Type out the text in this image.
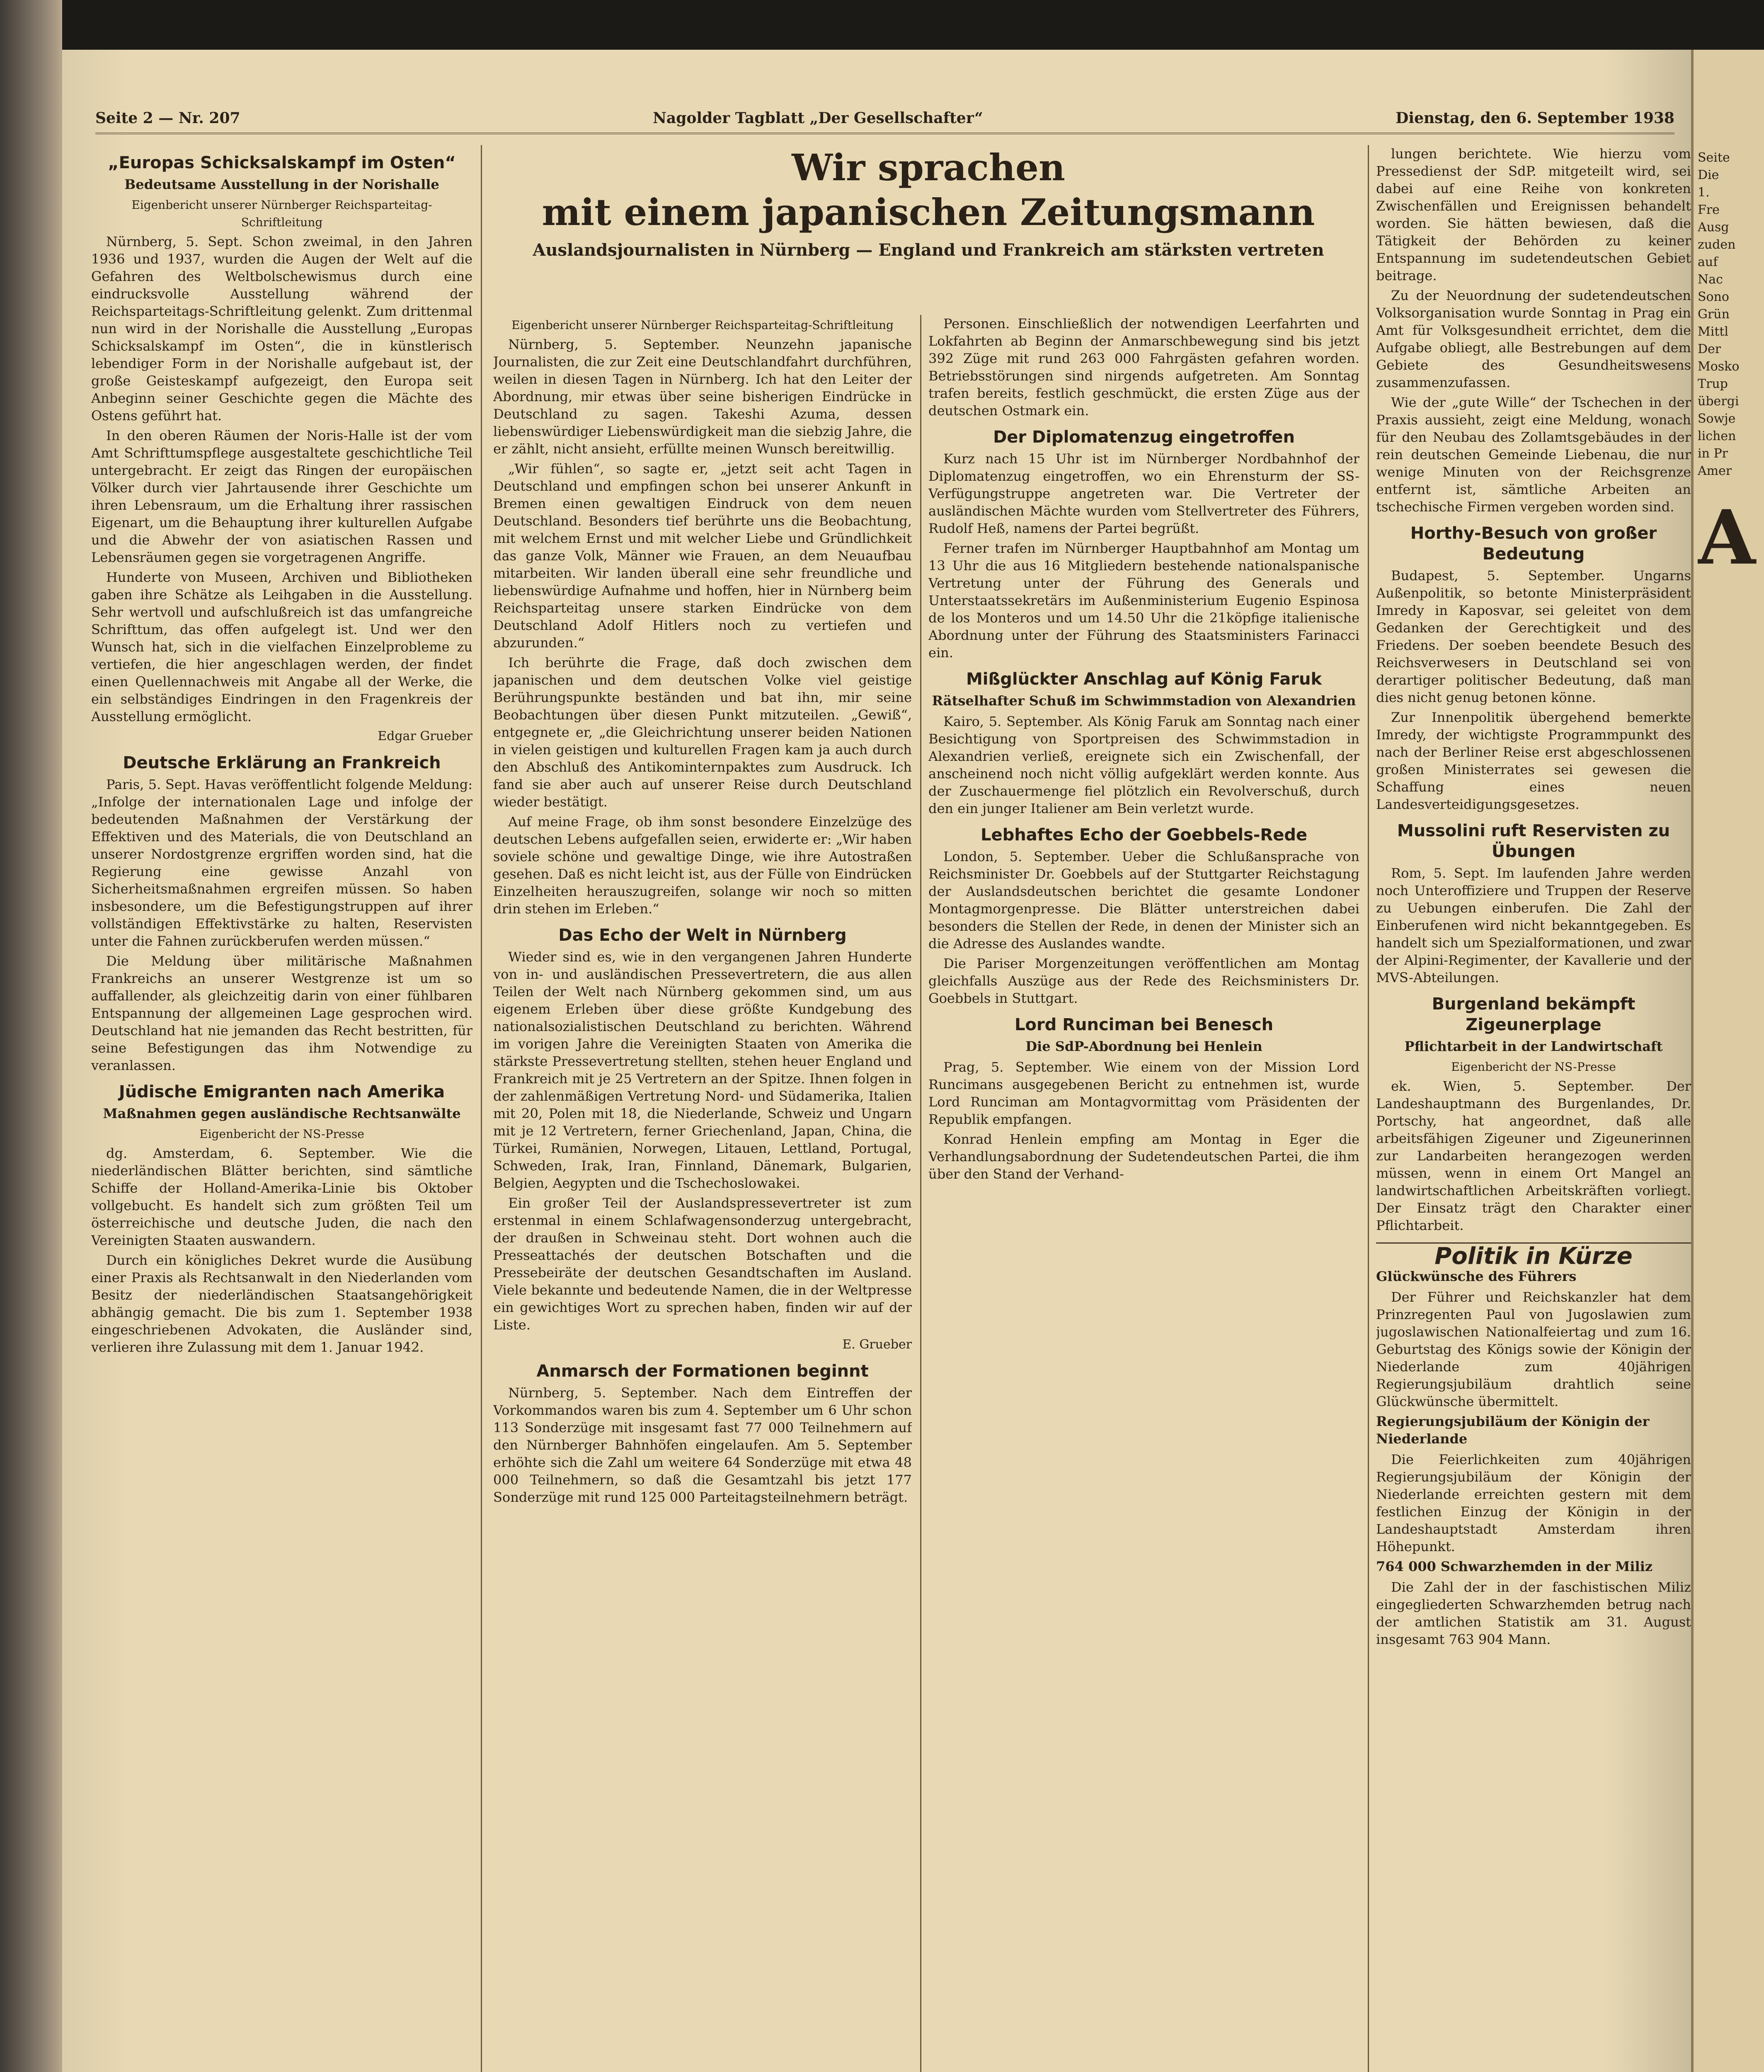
Seite 2 — Nr. 207	Nagolder Tagblatt „Der Gesellschafter“	Dienstag, den 6. September 1938
„Europas Schicksalskampf im Osten“
Bedeutsame Ausstellung in der Norishalle
Eigenbericht unserer Nürnberger Reichsparteitag-Schriftleitung

Nürnberg, 5. Sept. Schon zweimal, in den Jahren 1936 und 1937, wurden die Augen der Welt auf die Gefahren des Weltbolschewismus durch eine eindrucksvolle Ausstellung während der Reichsparteitags-Schriftleitung gelenkt. Zum drittenmal nun wird in der Norishalle die Ausstellung „Europas Schicksalskampf im Osten“, die in künstlerisch lebendiger Form in der Norishalle aufgebaut ist, der große Geisteskampf aufgezeigt, den Europa seit Anbeginn seiner Geschichte gegen die Mächte des Ostens geführt hat.

In den oberen Räumen der Noris-Halle ist der vom Amt Schrifttumspflege ausgestaltete geschichtliche Teil untergebracht. Er zeigt das Ringen der europäischen Völker durch vier Jahrtausende ihrer Geschichte um ihren Lebensraum, um die Erhaltung ihrer rassischen Eigenart, um die Behauptung ihrer kulturellen Aufgabe und die Abwehr der von asiatischen Rassen und Lebensräumen gegen sie vorgetragenen Angriffe.

Hunderte von Museen, Archiven und Bibliotheken gaben ihre Schätze als Leihgaben in die Ausstellung. Sehr wertvoll und aufschlußreich ist das umfangreiche Schrifttum, das offen aufgelegt ist. Und wer den Wunsch hat, sich in die vielfachen Einzelprobleme zu vertiefen, die hier angeschlagen werden, der findet einen Quellennachweis mit Angabe all der Werke, die ein selbständiges Eindringen in den Fragenkreis der Ausstellung ermöglicht.

Edgar Grueber
Deutsche Erklärung an Frankreich

Paris, 5. Sept. Havas veröffentlicht folgende Meldung: „Infolge der internationalen Lage und infolge der bedeutenden Maßnahmen der Verstärkung der Effektiven und des Materials, die von Deutschland an unserer Nordostgrenze ergriffen worden sind, hat die Regierung eine gewisse Anzahl von Sicherheitsmaßnahmen ergreifen müssen. So haben insbesondere, um die Befestigungstruppen auf ihrer vollständigen Effektivstärke zu halten, Reservisten unter die Fahnen zurückberufen werden müssen.“

Die Meldung über militärische Maßnahmen Frankreichs an unserer Westgrenze ist um so auffallender, als gleichzeitig darin von einer fühlbaren Entspannung der allgemeinen Lage gesprochen wird. Deutschland hat nie jemanden das Recht bestritten, für seine Befestigungen das ihm Notwendige zu veranlassen.

Jüdische Emigranten nach Amerika
Maßnahmen gegen ausländische Rechtsanwälte
Eigenbericht der NS-Presse

dg. Amsterdam, 6. September. Wie die niederländischen Blätter berichten, sind sämtliche Schiffe der Holland-Amerika-Linie bis Oktober vollgebucht. Es handelt sich zum größten Teil um österreichische und deutsche Juden, die nach den Vereinigten Staaten auswandern.

Durch ein königliches Dekret wurde die Ausübung einer Praxis als Rechtsanwalt in den Niederlanden vom Besitz der niederländischen Staatsangehörigkeit abhängig gemacht. Die bis zum 1. September 1938 eingeschriebenen Advokaten, die Ausländer sind, verlieren ihre Zulassung mit dem 1. Januar 1942.

Wir sprachen
mit einem japanischen Zeitungsmann
Auslandsjournalisten in Nürnberg — England und Frankreich am stärksten vertreten
Eigenbericht unserer Nürnberger Reichsparteitag-Schriftleitung

Nürnberg, 5. September. Neunzehn japanische Journalisten, die zur Zeit eine Deutschlandfahrt durchführen, weilen in diesen Tagen in Nürnberg. Ich hat den Leiter der Abordnung, mir etwas über seine bisherigen Eindrücke in Deutschland zu sagen. Takeshi Azuma, dessen liebenswürdiger Liebenswürdigkeit man die siebzig Jahre, die er zählt, nicht ansieht, erfüllte meinen Wunsch bereitwillig.

„Wir fühlen“, so sagte er, „jetzt seit acht Tagen in Deutschland und empfingen schon bei unserer Ankunft in Bremen einen gewaltigen Eindruck von dem neuen Deutschland. Besonders tief berührte uns die Beobachtung, mit welchem Ernst und mit welcher Liebe und Gründlichkeit das ganze Volk, Männer wie Frauen, an dem Neuaufbau mitarbeiten. Wir landen überall eine sehr freundliche und liebenswürdige Aufnahme und hoffen, hier in Nürnberg beim Reichsparteitag unsere starken Eindrücke von dem Deutschland Adolf Hitlers noch zu vertiefen und abzurunden.“

Ich berührte die Frage, daß doch zwischen dem japanischen und dem deutschen Volke viel geistige Berührungspunkte beständen und bat ihn, mir seine Beobachtungen über diesen Punkt mitzuteilen. „Gewiß“, entgegnete er, „die Gleichrichtung unserer beiden Nationen in vielen geistigen und kulturellen Fragen kam ja auch durch den Abschluß des Antikominternpaktes zum Ausdruck. Ich fand sie aber auch auf unserer Reise durch Deutschland wieder bestätigt.

Auf meine Frage, ob ihm sonst besondere Einzelzüge des deutschen Lebens aufgefallen seien, erwiderte er: „Wir haben soviele schöne und gewaltige Dinge, wie ihre Autostraßen gesehen. Daß es nicht leicht ist, aus der Fülle von Eindrücken Einzelheiten herauszugreifen, solange wir noch so mitten drin stehen im Erleben.“

Das Echo der Welt in Nürnberg

Wieder sind es, wie in den vergangenen Jahren Hunderte von in- und ausländischen Pressevertretern, die aus allen Teilen der Welt nach Nürnberg gekommen sind, um aus eigenem Erleben über diese größte Kundgebung des nationalsozialistischen Deutschland zu berichten. Während im vorigen Jahre die Vereinigten Staaten von Amerika die stärkste Pressevertretung stellten, stehen heuer England und Frankreich mit je 25 Vertretern an der Spitze. Ihnen folgen in der zahlenmäßigen Vertretung Nord- und Südamerika, Italien mit 20, Polen mit 18, die Niederlande, Schweiz und Ungarn mit je 12 Vertretern, ferner Griechenland, Japan, China, die Türkei, Rumänien, Norwegen, Litauen, Lettland, Portugal, Schweden, Irak, Iran, Finnland, Dänemark, Bulgarien, Belgien, Aegypten und die Tschechoslowakei.

Ein großer Teil der Auslandspressevertreter ist zum erstenmal in einem Schlafwagensonderzug untergebracht, der draußen in Schweinau steht. Dort wohnen auch die Presseattachés der deutschen Botschaften und die Pressebeiräte der deutschen Gesandtschaften im Ausland. Viele bekannte und bedeutende Namen, die in der Weltpresse ein gewichtiges Wort zu sprechen haben, finden wir auf der Liste.

E. Grueber
Anmarsch der Formationen beginnt

Nürnberg, 5. September. Nach dem Eintreffen der Vorkommandos waren bis zum 4. September um 6 Uhr schon 113 Sonderzüge mit insgesamt fast 77 000 Teilnehmern auf den Nürnberger Bahnhöfen eingelaufen. Am 5. September erhöhte sich die Zahl um weitere 64 Sonderzüge mit etwa 48 000 Teilnehmern, so daß die Gesamtzahl bis jetzt 177 Sonderzüge mit rund 125 000 Parteitagsteilnehmern beträgt.

Personen. Einschließlich der notwendigen Leerfahrten und Lokfahrten ab Beginn der Anmarschbewegung sind bis jetzt 392 Züge mit rund 263 000 Fahrgästen gefahren worden. Betriebsstörungen sind nirgends aufgetreten. Am Sonntag trafen bereits, festlich geschmückt, die ersten Züge aus der deutschen Ostmark ein.

Der Diplomatenzug eingetroffen

Kurz nach 15 Uhr ist im Nürnberger Nordbahnhof der Diplomatenzug eingetroffen, wo ein Ehrensturm der SS-Verfügungstruppe angetreten war. Die Vertreter der ausländischen Mächte wurden vom Stellvertreter des Führers, Rudolf Heß, namens der Partei begrüßt.

Ferner trafen im Nürnberger Hauptbahnhof am Montag um 13 Uhr die aus 16 Mitgliedern bestehende nationalspanische Vertretung unter der Führung des Generals und Unterstaatssekretärs im Außenministerium Eugenio Espinosa de los Monteros und um 14.50 Uhr die 21köpfige italienische Abordnung unter der Führung des Staatsministers Farinacci ein.

Mißglückter Anschlag auf König Faruk
Rätselhafter Schuß im Schwimmstadion von Alexandrien

Kairo, 5. September. Als König Faruk am Sonntag nach einer Besichtigung von Sportpreisen des Schwimmstadion in Alexandrien verließ, ereignete sich ein Zwischenfall, der anscheinend noch nicht völlig aufgeklärt werden konnte. Aus der Zuschauermenge fiel plötzlich ein Revolverschuß, durch den ein junger Italiener am Bein verletzt wurde.

Lebhaftes Echo der Goebbels-Rede

London, 5. September. Ueber die Schlußansprache von Reichsminister Dr. Goebbels auf der Stuttgarter Reichstagung der Auslandsdeutschen berichtet die gesamte Londoner Montagmorgenpresse. Die Blätter unterstreichen dabei besonders die Stellen der Rede, in denen der Minister sich an die Adresse des Auslandes wandte.

Die Pariser Morgenzeitungen veröffentlichen am Montag gleichfalls Auszüge aus der Rede des Reichsministers Dr. Goebbels in Stuttgart.

Lord Runciman bei Benesch
Die SdP-Abordnung bei Henlein

Prag, 5. September. Wie einem von der Mission Lord Runcimans ausgegebenen Bericht zu entnehmen ist, wurde Lord Runciman am Montagvormittag vom Präsidenten der Republik empfangen.

Konrad Henlein empfing am Montag in Eger die Verhandlungsabordnung der Sudetendeutschen Partei, die ihm über den Stand der Verhand-

lungen berichtete. Wie hierzu vom Pressedienst der SdP. mitgeteilt wird, sei dabei auf eine Reihe von konkreten Zwischenfällen und Ereignissen behandelt worden. Sie hätten bewiesen, daß die Tätigkeit der Behörden zu keiner Entspannung im sudetendeutschen Gebiet beitrage.

Zu der Neuordnung der sudetendeutschen Volksorganisation wurde Sonntag in Prag ein Amt für Volksgesundheit errichtet, dem die Aufgabe obliegt, alle Bestrebungen auf dem Gebiete des Gesundheitswesens zusammenzufassen.

Wie der „gute Wille“ der Tschechen in der Praxis aussieht, zeigt eine Meldung, wonach für den Neubau des Zollamtsgebäudes in der rein deutschen Gemeinde Liebenau, die nur wenige Minuten von der Reichsgrenze entfernt ist, sämtliche Arbeiten an tschechische Firmen vergeben worden sind.

Horthy-Besuch von großer Bedeutung

Budapest, 5. September. Ungarns Außenpolitik, so betonte Ministerpräsident Imredy in Kaposvar, sei geleitet von dem Gedanken der Gerechtigkeit und des Friedens. Der soeben beendete Besuch des Reichsverwesers in Deutschland sei von derartiger politischer Bedeutung, daß man dies nicht genug betonen könne.

Zur Innenpolitik übergehend bemerkte Imredy, der wichtigste Programmpunkt des nach der Berliner Reise erst abgeschlossenen großen Ministerrates sei gewesen die Schaffung eines neuen Landesverteidigungsgesetzes.

Mussolini ruft Reservisten zu Übungen

Rom, 5. Sept. Im laufenden Jahre werden noch Unteroffiziere und Truppen der Reserve zu Uebungen einberufen. Die Zahl der Einberufenen wird nicht bekanntgegeben. Es handelt sich um Spezialformationen, und zwar der Alpini-Regimenter, der Kavallerie und der MVS-Abteilungen.

Burgenland bekämpft Zigeunerplage
Pflichtarbeit in der Landwirtschaft
Eigenbericht der NS-Presse

ek. Wien, 5. September. Der Landeshauptmann des Burgenlandes, Dr. Portschy, hat angeordnet, daß alle arbeitsfähigen Zigeuner und Zigeunerinnen zur Landarbeiten herangezogen werden müssen, wenn in einem Ort Mangel an landwirtschaftlichen Arbeitskräften vorliegt. Der Einsatz trägt den Charakter einer Pflichtarbeit.

Politik in Kürze
Glückwünsche des Führers

Der Führer und Reichskanzler hat dem Prinzregenten Paul von Jugoslawien zum jugoslawischen Nationalfeiertag und zum 16. Geburtstag des Königs sowie der Königin der Niederlande zum 40jährigen Regierungsjubiläum drahtlich seine Glückwünsche übermittelt.

Regierungsjubiläum der Königin der Niederlande

Die Feierlichkeiten zum 40jährigen Regierungsjubiläum der Königin der Niederlande erreichten gestern mit dem festlichen Einzug der Königin in der Landeshauptstadt Amsterdam ihren Höhepunkt.

764 000 Schwarzhemden in der Miliz

Die Zahl der in der faschistischen Miliz eingegliederten Schwarzhemden betrug nach der amtlichen Statistik am 31. August insgesamt 763 904 Mann.

Seite
Die
1.
Fre
Ausg
zuden
auf
Nac
Sono
Grün
Mittl
Der
Mosko
Trup
übergi
Sowje
lichen
in Pr
Amer
A
